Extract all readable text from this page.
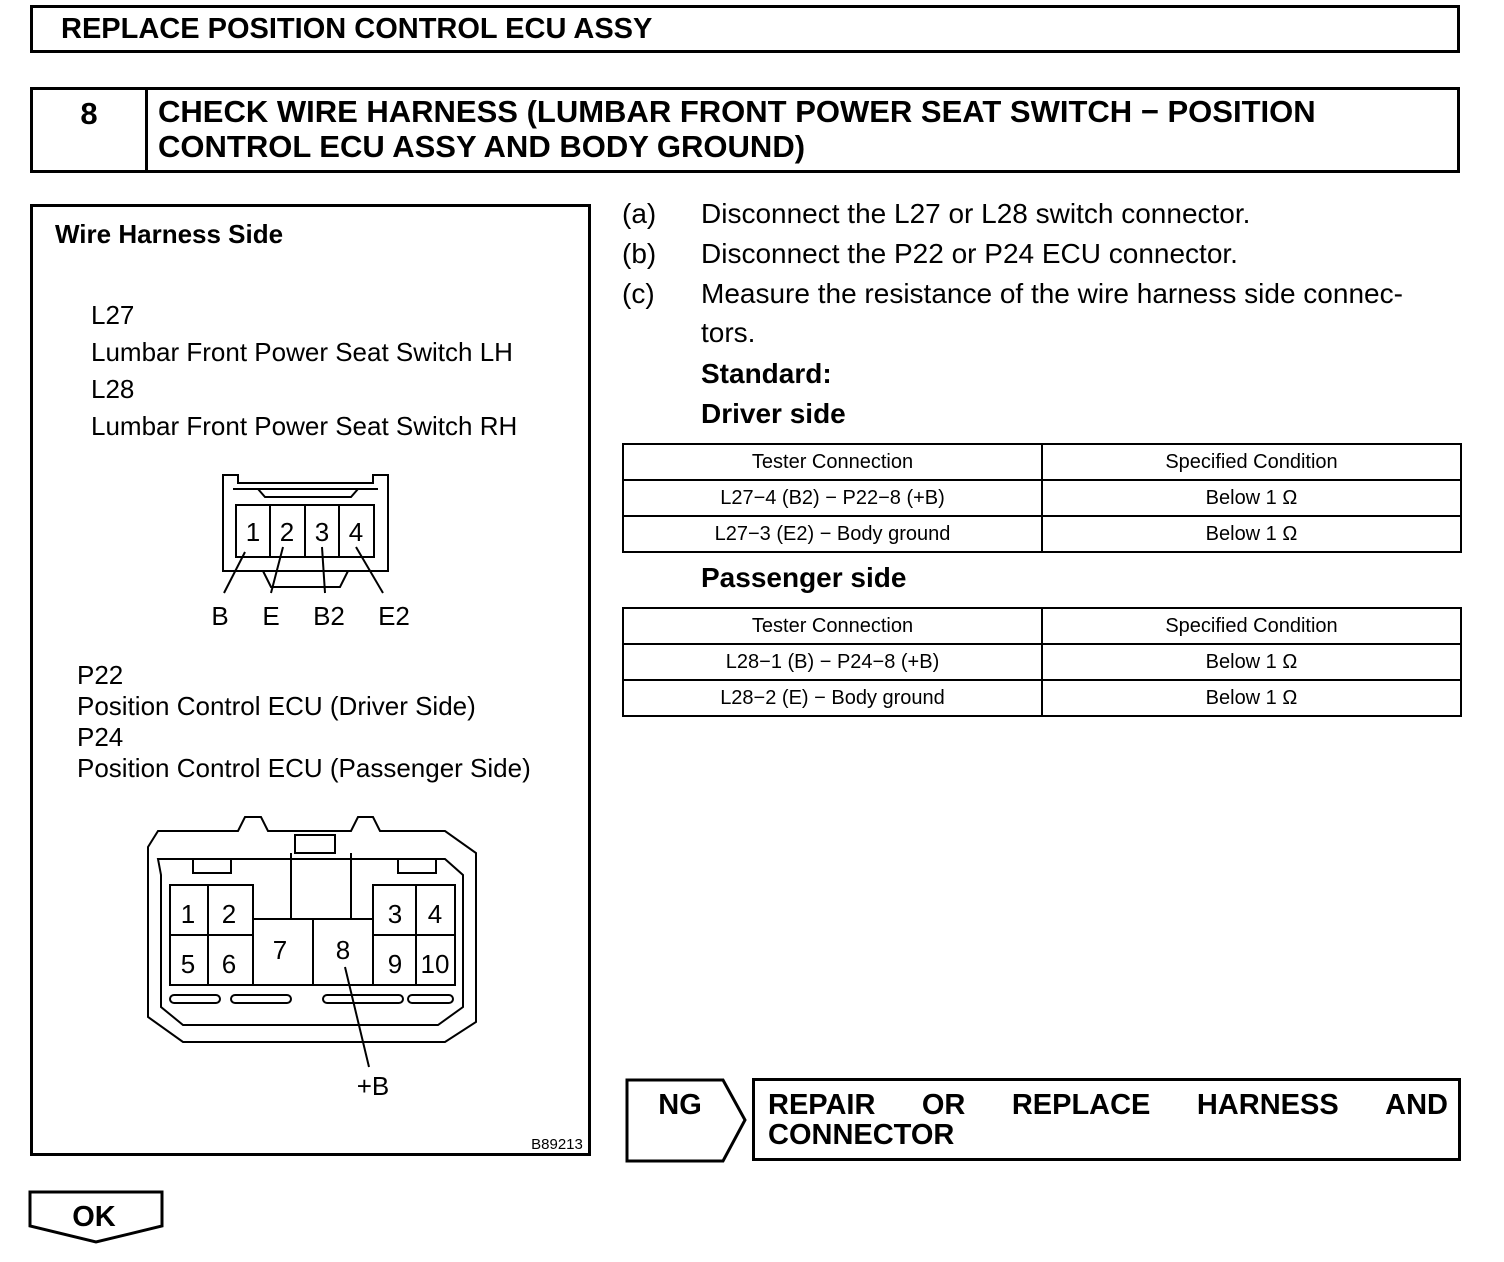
REPLACE POSITION CONTROL ECU ASSY
8	CHECK WIRE HARNESS (LUMBAR FRONT POWER SEAT SWITCH − POSITION
CONTROL ECU ASSY AND BODY GROUND)
Wire Harness Side
L27
Lumbar Front Power Seat Switch LH
L28
Lumbar Front Power Seat Switch RH
1 2 3 4
B E B2 E2
1 2	3 4
5 6 7 8 9 10
+B
B89213
P22
Position Control ECU (Driver Side)
P24
Position Control ECU (Passenger Side)
(a) Disconnect the L27 or L28 switch connector.
(b) Disconnect the P22 or P24 ECU connector.
(c) Measure the resistance of the wire harness side connec-
tors.
Standard:
Driver side
Passenger side
Tester Connection	Specified Condition
L27−4 (B2) − P22−8 (+B)	Below 1 Ω
L27−3 (E2) − Body ground	Below 1 Ω
Tester Connection	Specified Condition
L28−1 (B) − P24−8 (+B)	Below 1 Ω
L28−2 (E) − Body ground	Below 1 Ω
NG REPAIR OR REPLACE HARNESS AND
CONNECTOR
OK
